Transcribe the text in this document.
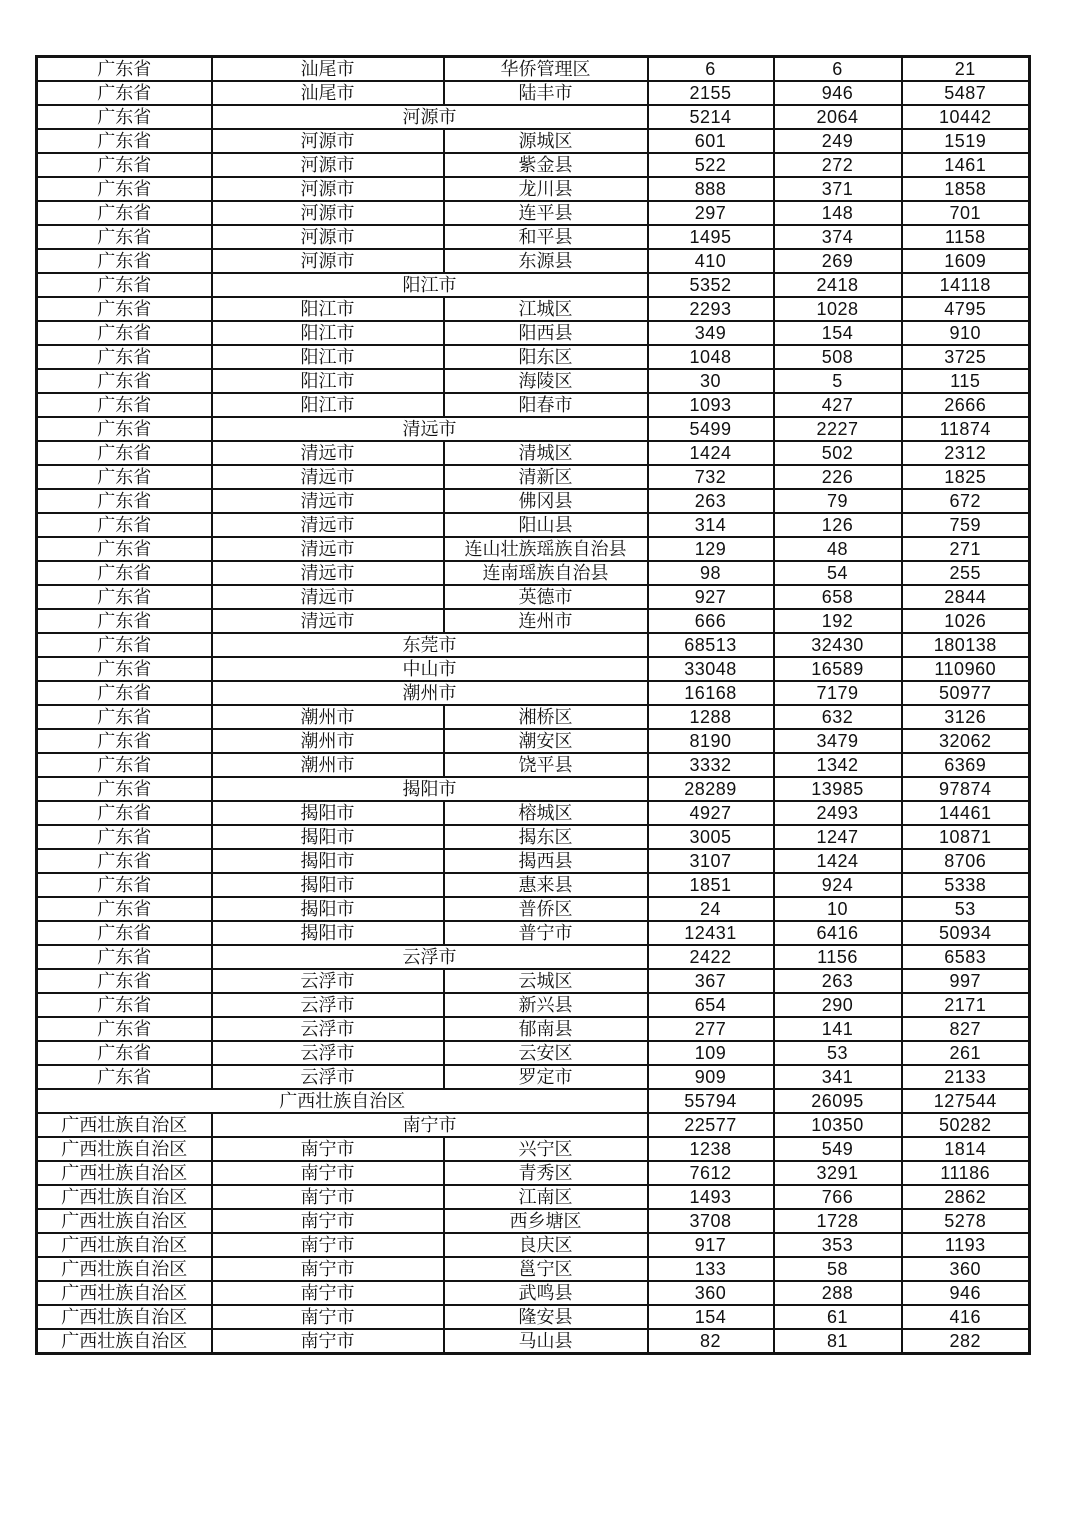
广东省	汕尾市	华侨管理区	6	6	21
广东省	汕尾市	陆丰市	2155	946	5487
广东省	河源市		5214	2064	10442
广东省	河源市	源城区	601	249	1519
广东省	河源市	紫金县	522	272	1461
广东省	河源市	龙川县	888	371	1858
广东省	河源市	连平县	297	148	701
广东省	河源市	和平县	1495	374	1158
广东省	河源市	东源县	410	269	1609
广东省	阳江市		5352	2418	14118
广东省	阳江市	江城区	2293	1028	4795
广东省	阳江市	阳西县	349	154	910
广东省	阳江市	阳东区	1048	508	3725
广东省	阳江市	海陵区	30	5	115
广东省	阳江市	阳春市	1093	427	2666
广东省	清远市		5499	2227	11874
广东省	清远市	清城区	1424	502	2312
广东省	清远市	清新区	732	226	1825
广东省	清远市	佛冈县	263	79	672
广东省	清远市	阳山县	314	126	759
广东省	清远市	连山壮族瑶族自治县	129	48	271
广东省	清远市	连南瑶族自治县	98	54	255
广东省	清远市	英德市	927	658	2844
广东省	清远市	连州市	666	192	1026
广东省	东莞市		68513	32430	180138
广东省	中山市		33048	16589	110960
广东省	潮州市		16168	7179	50977
广东省	潮州市	湘桥区	1288	632	3126
广东省	潮州市	潮安区	8190	3479	32062
广东省	潮州市	饶平县	3332	1342	6369
广东省	揭阳市		28289	13985	97874
广东省	揭阳市	榕城区	4927	2493	14461
广东省	揭阳市	揭东区	3005	1247	10871
广东省	揭阳市	揭西县	3107	1424	8706
广东省	揭阳市	惠来县	1851	924	5338
广东省	揭阳市	普侨区	24	10	53
广东省	揭阳市	普宁市	12431	6416	50934
广东省	云浮市		2422	1156	6583
广东省	云浮市	云城区	367	263	997
广东省	云浮市	新兴县	654	290	2171
广东省	云浮市	郁南县	277	141	827
广东省	云浮市	云安区	109	53	261
广东省	云浮市	罗定市	909	341	2133
广西壮族自治区			55794	26095	127544
广西壮族自治区	南宁市		22577	10350	50282
广西壮族自治区	南宁市	兴宁区	1238	549	1814
广西壮族自治区	南宁市	青秀区	7612	3291	11186
广西壮族自治区	南宁市	江南区	1493	766	2862
广西壮族自治区	南宁市	西乡塘区	3708	1728	5278
广西壮族自治区	南宁市	良庆区	917	353	1193
广西壮族自治区	南宁市	邕宁区	133	58	360
广西壮族自治区	南宁市	武鸣县	360	288	946
广西壮族自治区	南宁市	隆安县	154	61	416
广西壮族自治区	南宁市	马山县	82	81	282
